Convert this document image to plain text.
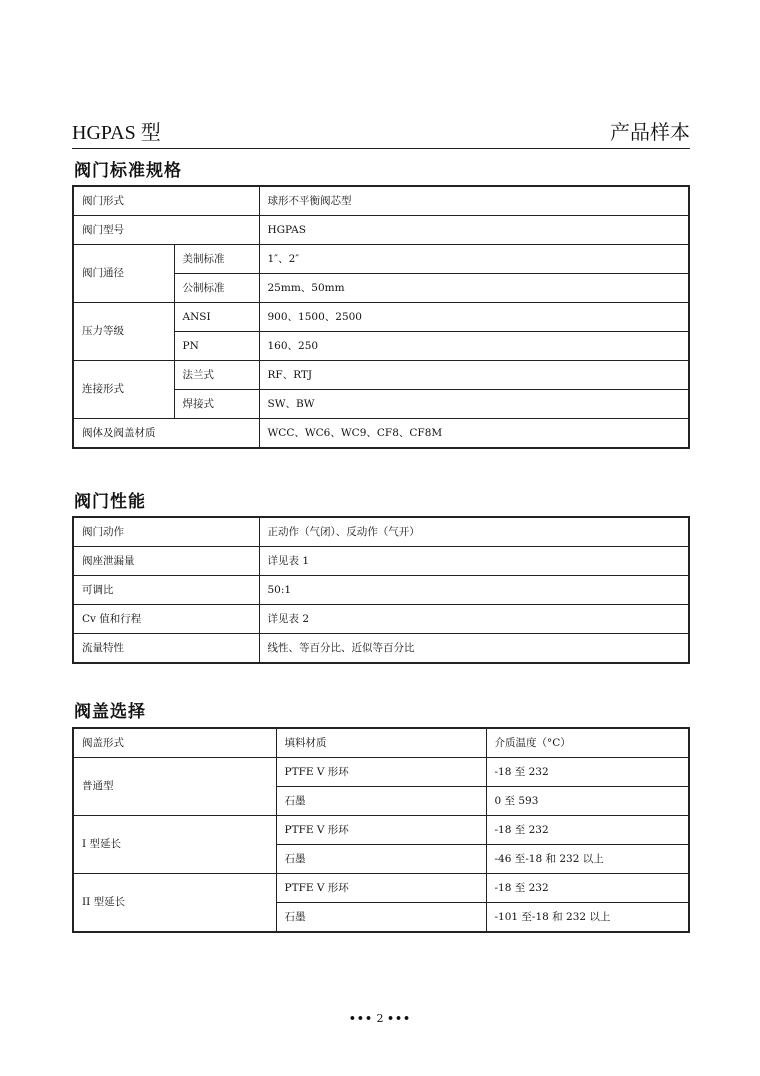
HGPAS 型	产品样本
阀门标准规格
阀门形式		球形不平衡阀芯型
阀门型号		HGPAS
阀门通径	美制标准	1″、2″
	公制标准	25mm、50mm
压力等级	ANSI	900、1500、2500
	PN	160、250
连接形式	法兰式	RF、RTJ
	焊接式	SW、BW
阀体及阀盖材质		WCC、WC6、WC9、CF8、CF8M
阀门性能
阀门动作	正动作（气闭）、反动作（气开）
阀座泄漏量	详见表 1
可调比	50:1
Cv 值和行程	详见表 2
流量特性	线性、等百分比、近似等百分比
阀盖选择
阀盖形式	填料材质	介质温度（°C）
普通型	PTFE V 形环	-18 至 232
	石墨	0 至 593
I 型延长	PTFE V 形环	-18 至 232
	石墨	-46 至-18 和 232 以上
II 型延长	PTFE V 形环	-18 至 232
	石墨	-101 至-18 和 232 以上
••• 2 •••
